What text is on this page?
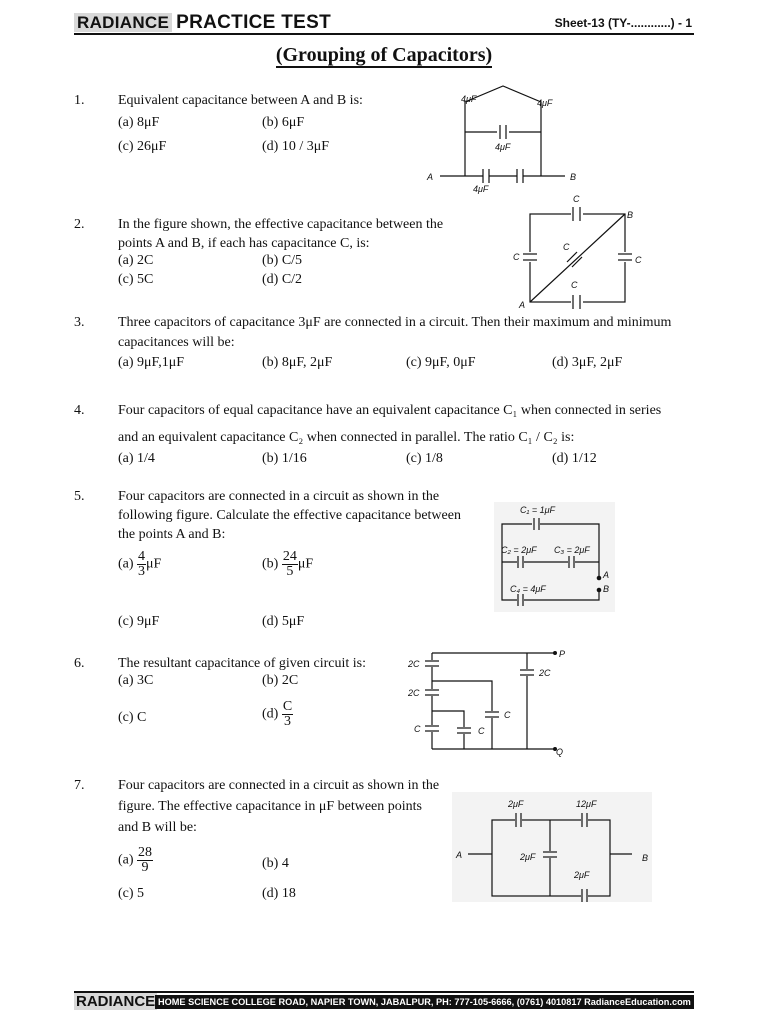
RADIANCE PRACTICE TEST	Sheet-13 (TY-............) - 1
(Grouping of Capacitors)
1. Equivalent capacitance between A and B is:
(a) 8μF	(b) 6μF
(c) 26μF	(d) 10 / 3μF
4μF	4μF
4μF
4μF
A	B
2. In the figure shown, the effective capacitance between the
points A and B, if each has capacitance C, is:
(a) 2C	(b) C/5
(c) 5C	(d) C/2
C
C	C
C
C
A
B
3. Three capacitors of capacitance 3μF are connected in a circuit. Then their maximum and minimum
capacitances will be:
(a) 9μF,1μF	(b) 8μF, 2μF	(c) 9μF, 0μF	(d) 3μF, 2μF
4. Four capacitors of equal capacitance have an equivalent capacitance C₁ when connected in series
and an equivalent capacitance C₂ when connected in parallel. The ratio C₁ / C₂ is:
(a) 1/4	(b) 1/16	(c) 1/8	(d) 1/12
5. Four capacitors are connected in a circuit as shown in the
following figure. Calculate the effective capacitance between
the points A and B:
$(a) \frac{4}{3}$ μF	$(b) \frac{24}{5}$ μF
(c) 9μF	(d) 5μF
C₁ = 1μF
C₂ = 2μF C₃ = 2μF
C₄ = 4μF
A
B
6. The resultant capacitance of given circuit is:
(a) 3C	(b) 2C
(c) C	$(d) \frac{C}{3}$
2C
2C
2C
C
C
C
P
Q
7. Four capacitors are connected in a circuit as shown in the
figure. The effective capacitance in μF between points
and B will be:
$(a) \frac{28}{9}$	(b) 4
(c) 5	(d) 18
2μF	12μF
2μF
2μF
A	B
RADIANCE HOME SCIENCE COLLEGE ROAD, NAPIER TOWN, JABALPUR, PH: 777-105-6666, (0761) 4010817 RadianceEducation.com
